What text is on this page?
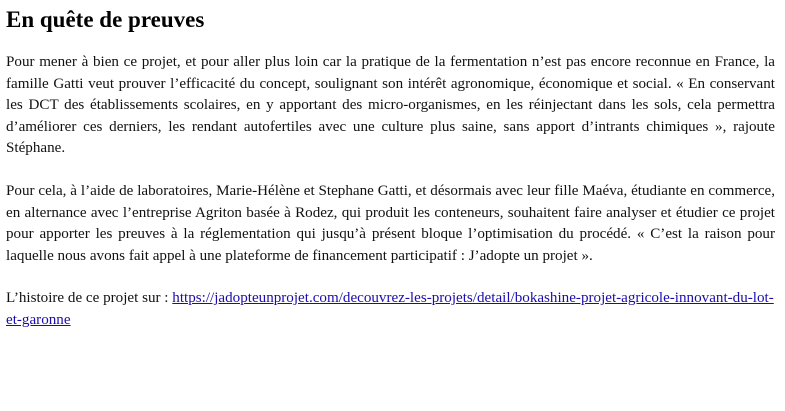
En quête de preuves

Pour mener à bien ce projet, et pour aller plus loin car la pratique de la fermentation n’est pas encore reconnue en France, la famille Gatti veut prouver l’efficacité du concept, soulignant son intérêt agronomique, économique et social. « En conservant les DCT des établissements scolaires, en y apportant des micro-organismes, en les réinjectant dans les sols, cela permettra d’améliorer ces derniers, les rendant autofertiles avec une culture plus saine, sans apport d’intrants chimiques », rajoute Stéphane.

Pour cela, à l’aide de laboratoires, Marie-Hélène et Stephane Gatti, et désormais avec leur fille Maéva, étudiante en commerce, en alternance avec l’entreprise Agriton basée à Rodez, qui produit les conteneurs, souhaitent faire analyser et étudier ce projet pour apporter les preuves à la réglementation qui jusqu’à présent bloque l’optimisation du procédé. « C’est la raison pour laquelle nous avons fait appel à une plateforme de financement participatif : J’adopte un projet ».

L’histoire de ce projet sur : https://jadopteunprojet.com/decouvrez-les-projets/detail/bokashine-projet-agricole-innovant-du-lot-et-garonne
